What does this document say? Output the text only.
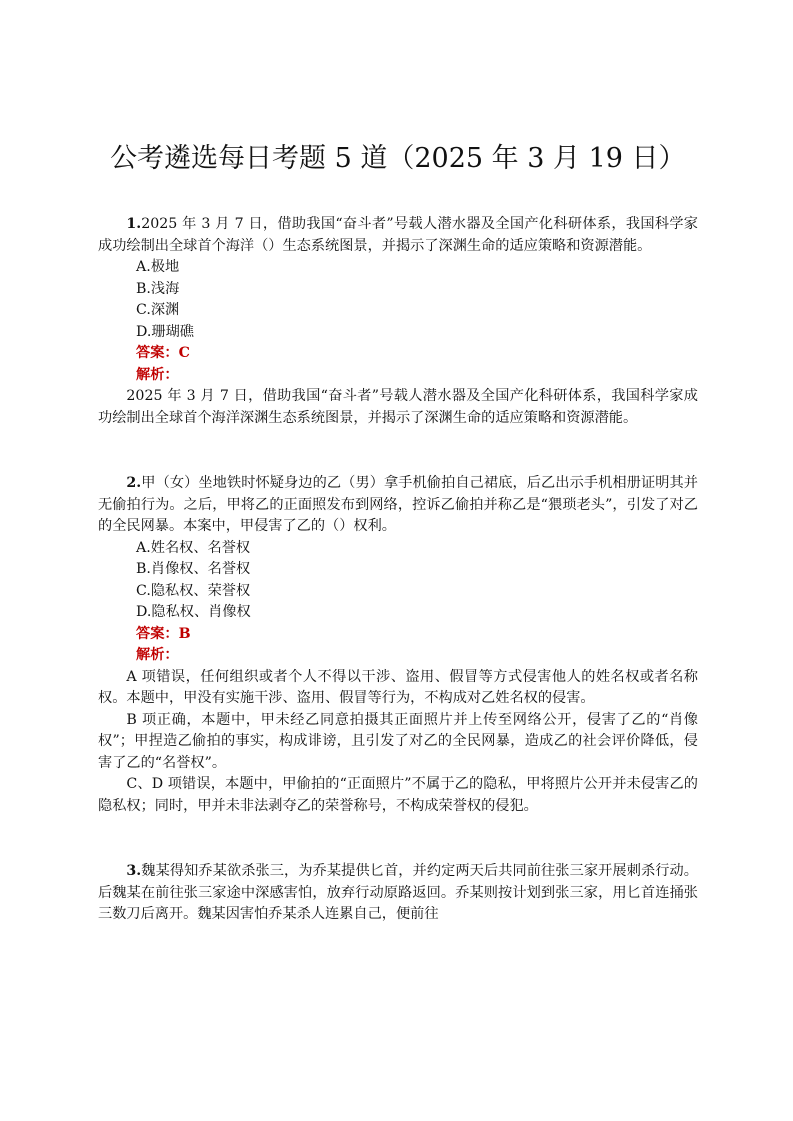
公考遴选每日考题 5 道（2025 年 3 月 19 日）

1.2025 年 3 月 7 日，借助我国“奋斗者”号载人潜水器及全国产化科研体系，我国科学家成功绘制出全球首个海洋（）生态系统图景，并揭示了深渊生命的适应策略和资源潜能。

A.极地

B.浅海

C.深渊

D.珊瑚礁

答案：C

解析：

2025 年 3 月 7 日，借助我国“奋斗者”号载人潜水器及全国产化科研体系，我国科学家成功绘制出全球首个海洋深渊生态系统图景，并揭示了深渊生命的适应策略和资源潜能。

2.甲（女）坐地铁时怀疑身边的乙（男）拿手机偷拍自己裙底，后乙出示手机相册证明其并无偷拍行为。之后，甲将乙的正面照发布到网络，控诉乙偷拍并称乙是“猥琐老头”，引发了对乙的全民网暴。本案中，甲侵害了乙的（）权利。

A.姓名权、名誉权

B.肖像权、名誉权

C.隐私权、荣誉权

D.隐私权、肖像权

答案：B

解析：

A 项错误，任何组织或者个人不得以干涉、盗用、假冒等方式侵害他人的姓名权或者名称权。本题中，甲没有实施干涉、盗用、假冒等行为，不构成对乙姓名权的侵害。

B 项正确，本题中，甲未经乙同意拍摄其正面照片并上传至网络公开，侵害了乙的“肖像权”；甲捏造乙偷拍的事实，构成诽谤，且引发了对乙的全民网暴，造成乙的社会评价降低，侵害了乙的“名誉权”。

C、D 项错误，本题中，甲偷拍的“正面照片”不属于乙的隐私，甲将照片公开并未侵害乙的隐私权；同时，甲并未非法剥夺乙的荣誉称号，不构成荣誉权的侵犯。

3.魏某得知乔某欲杀张三，为乔某提供匕首，并约定两天后共同前往张三家开展刺杀行动。后魏某在前往张三家途中深感害怕，放弃行动原路返回。乔某则按计划到张三家，用匕首连捅张三数刀后离开。魏某因害怕乔某杀人连累自己，便前往
